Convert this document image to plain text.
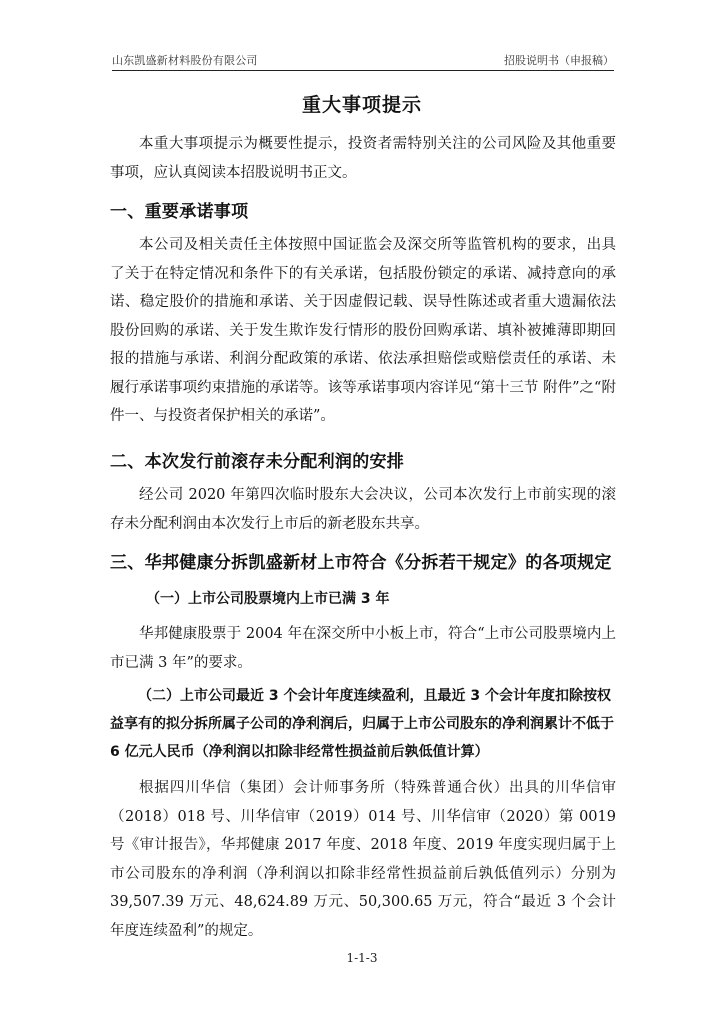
山东凯盛新材料股份有限公司	招股说明书（申报稿）
重大事项提示
本重大事项提示为概要性提示，投资者需特别关注的公司风险及其他重要事项，应认真阅读本招股说明书正文。
一、重要承诺事项
本公司及相关责任主体按照中国证监会及深交所等监管机构的要求，出具了关于在特定情况和条件下的有关承诺，包括股份锁定的承诺、减持意向的承诺、稳定股价的措施和承诺、关于因虚假记载、误导性陈述或者重大遗漏依法股份回购的承诺、关于发生欺诈发行情形的股份回购承诺、填补被摊薄即期回报的措施与承诺、利润分配政策的承诺、依法承担赔偿或赔偿责任的承诺、未履行承诺事项约束措施的承诺等。该等承诺事项内容详见“第十三节 附件”之“附件一、与投资者保护相关的承诺”。
二、本次发行前滚存未分配利润的安排
经公司 2020 年第四次临时股东大会决议，公司本次发行上市前实现的滚存未分配利润由本次发行上市后的新老股东共享。
三、华邦健康分拆凯盛新材上市符合《分拆若干规定》的各项规定
（一）上市公司股票境内上市已满 3 年
华邦健康股票于 2004 年在深交所中小板上市，符合“上市公司股票境内上市已满 3 年”的要求。
（二）上市公司最近 3 个会计年度连续盈利，且最近 3 个会计年度扣除按权益享有的拟分拆所属子公司的净利润后，归属于上市公司股东的净利润累计不低于 6 亿元人民币（净利润以扣除非经常性损益前后孰低值计算）
根据四川华信（集团）会计师事务所（特殊普通合伙）出具的川华信审（2018）018 号、川华信审（2019）014 号、川华信审（2020）第 0019 号《审计报告》，华邦健康 2017 年度、2018 年度、2019 年度实现归属于上市公司股东的净利润（净利润以扣除非经常性损益前后孰低值列示）分别为 39,507.39 万元、48,624.89 万元、50,300.65 万元，符合“最近 3 个会计年度连续盈利”的规定。
1-1-3
